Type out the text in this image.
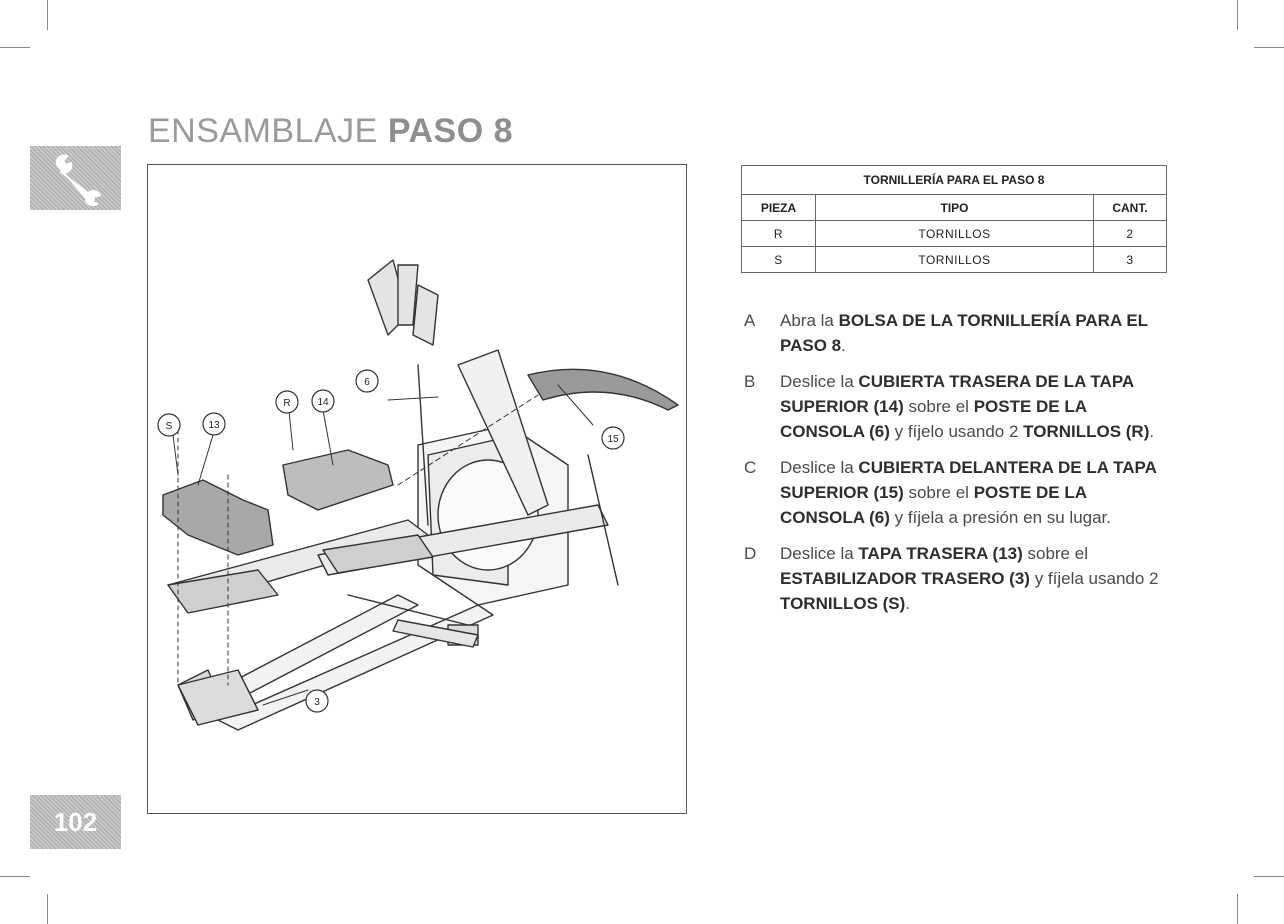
ENSAMBLAJE PASO 8
102
S	13
R	14
6
15
3
TORNILLERÍA PARA EL PASO 8		
PIEZA	TIPO	CANT.
R	TORNILLOS	2
S	TORNILLOS	3
A Abra la BOLSA DE LA TORNILLERÍA PARA EL PASO 8.
B Deslice la CUBIERTA TRASERA DE LA TAPA SUPERIOR (14) sobre el POSTE DE LA CONSOLA (6) y fíjelo usando 2 TORNILLOS (R).
C Deslice la CUBIERTA DELANTERA DE LA TAPA SUPERIOR (15) sobre el POSTE DE LA CONSOLA (6) y fíjela a presión en su lugar.
D Deslice la TAPA TRASERA (13) sobre el ESTABILIZADOR TRASERO (3) y fíjela usando 2 TORNILLOS (S).
